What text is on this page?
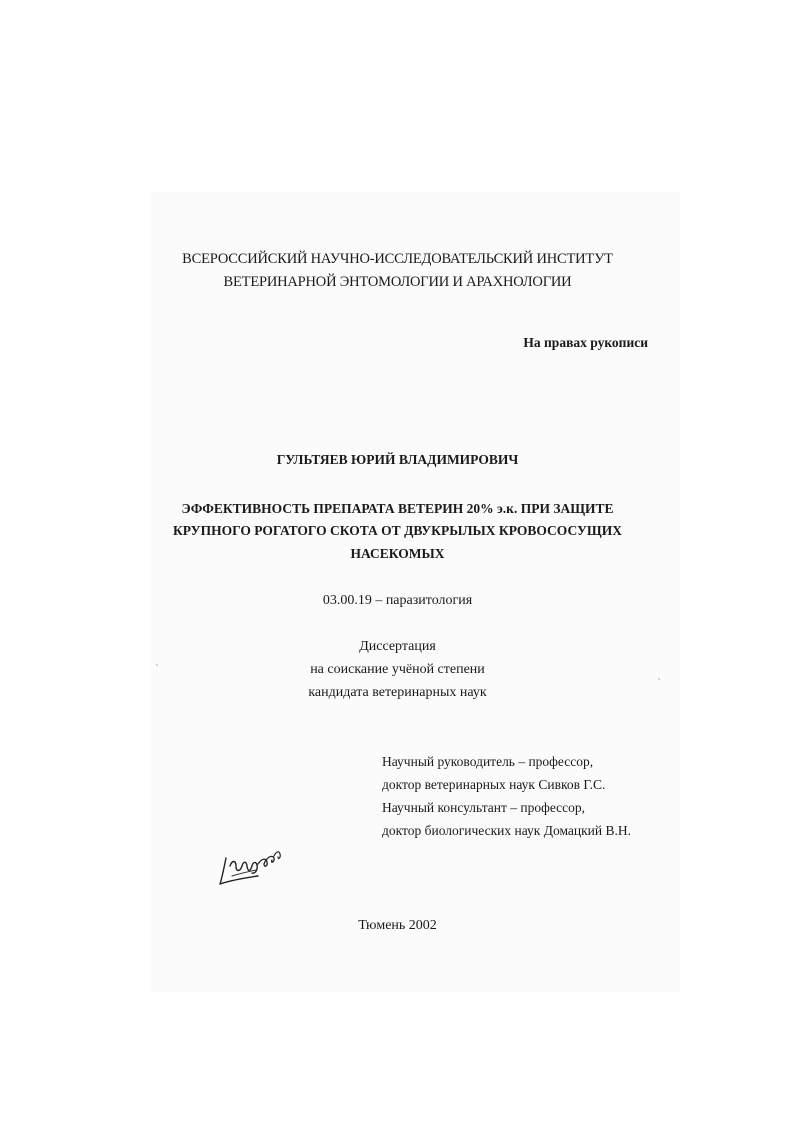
ВСЕРОССИЙСКИЙ НАУЧНО-ИССЛЕДОВАТЕЛЬСКИЙ ИНСТИТУТ
ВЕТЕРИНАРНОЙ ЭНТОМОЛОГИИ И АРАХНОЛОГИИ
На правах рукописи
ГУЛЬТЯЕВ ЮРИЙ ВЛАДИМИРОВИЧ
ЭФФЕКТИВНОСТЬ ПРЕПАРАТА ВЕТЕРИН 20% э.к. ПРИ ЗАЩИТЕ
КРУПНОГО РОГАТОГО СКОТА ОТ ДВУКРЫЛЫХ КРОВОСОСУЩИХ
НАСЕКОМЫХ
03.00.19 – паразитология
Диссертация
на соискание учёной степени
кандидата ветеринарных наук
Научный руководитель – профессор,
доктор ветеринарных наук Сивков Г.С.
Научный консультант – профессор,
доктор биологических наук Домацкий В.Н.
Тюмень 2002
